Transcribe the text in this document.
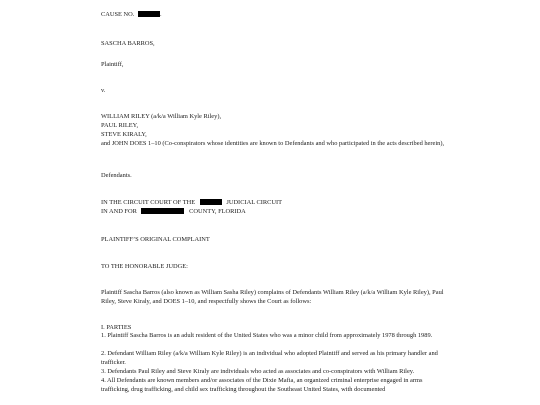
CAUSE NO.	.
SASCHA BARROS,
Plaintiff,
v.
WILLIAM RILEY (a/k/a William Kyle Riley),
PAUL RILEY,
STEVE KIRALY,
and JOHN DOES 1–10 (Co-conspirators whose identities are known to Defendants and who participated in the acts described herein),
Defendants.
IN THE CIRCUIT COURT OF THE	JUDICIAL CIRCUIT
IN AND FOR	COUNTY, FLORIDA
PLAINTIFF’S ORIGINAL COMPLAINT
TO THE HONORABLE JUDGE:
Plaintiff Sascha Barros (also known as William Sasha Riley) complains of Defendants William Riley (a/k/a William Kyle Riley), Paul Riley, Steve Kiraly, and DOES 1–10, and respectfully shows the Court as follows:
I. PARTIES
1. Plaintiff Sascha Barros is an adult resident of the United States who was a minor child from approximately 1978 through 1989.
2. Defendant William Riley (a/k/a William Kyle Riley) is an individual who adopted Plaintiff and served as his primary handler and trafficker.
3. Defendants Paul Riley and Steve Kiraly are individuals who acted as associates and co-conspirators with William Riley.
4. All Defendants are known members and/or associates of the Dixie Mafia, an organized criminal enterprise engaged in arms trafficking, drug trafficking, and child sex trafficking throughout the Southeast United States, with documented
